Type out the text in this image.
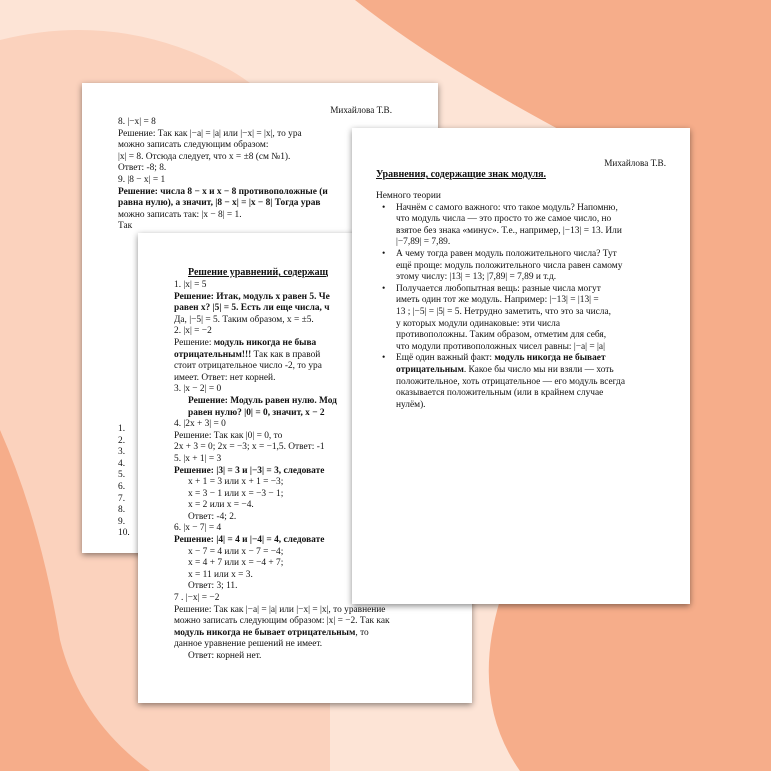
Михайлова Т.В.
8. |−x| = 8
Решение: Так как |−a| = |a| или |−x| = |x|, то ура
можно записать следующим образом:
|x| = 8. Отсюда следует, что x = ±8 (см №1).
Ответ: -8; 8.
9. |8 − x| = 1
Решение: числа 8 − x и x − 8 противоположные (и
равна нулю), а значит, |8 − x| = |x − 8| Тогда урав
можно записать так: |x − 8| = 1.
Так
1.
2.
3.
4.
5.
6.
7.
8.
9.
10.
Решение уравнений, содержащ
1. |x| = 5
Решение: Итак, модуль x равен 5. Че
равен x? |5| = 5. Есть ли еще числа, ч
Да, |−5| = 5. Таким образом, x = ±5.
2. |x| = −2
Решение: модуль никогда не быва
отрицательным!!! Так как в правой
стоит отрицательное число -2, то ура
имеет. Ответ: нет корней.
3. |x − 2| = 0
Решение: Модуль равен нулю. Мод
равен нулю? |0| = 0, значит, x − 2
4. |2x + 3| = 0
Решение: Так как |0| = 0, то
2x + 3 = 0; 2x = −3; x = −1,5. Ответ: -1
5. |x + 1| = 3
Решение: |3| = 3 и |−3| = 3, следовате
x + 1 = 3 или x + 1 = −3;
x = 3 − 1 или x = −3 − 1;
x = 2 или x = −4.
Ответ: -4; 2.
6. |x − 7| = 4
Решение: |4| = 4 и |−4| = 4, следовате
x − 7 = 4 или x − 7 = −4;
x = 4 + 7 или x = −4 + 7;
x = 11 или x = 3.
Ответ: 3; 11.
7 . |−x| = −2
Решение: Так как |−a| = |a| или |−x| = |x|, то уравнение
можно записать следующим образом: |x| = −2. Так как
модуль никогда не бывает отрицательным, то
данное уравнение решений не имеет.
Ответ: корней нет.
Михайлова Т.В.
Уравнения, содержащие знак модуля.
Немного теории
• Начнём с самого важного: что такое модуль? Напомню,
что модуль числа — это просто то же самое число, но
взятое без знака «минус». Т.е., например, |−13| = 13. Или
|−7,89| = 7,89.
• А чему тогда равен модуль положительного числа? Тут
ещё проще: модуль положительного числа равен самому
этому числу: |13| = 13; |7,89| = 7,89 и т.д.
• Получается любопытная вещь: разные числа могут
иметь один тот же модуль. Например: |−13| = |13| =
13 ; |−5| = |5| = 5. Нетрудно заметить, что это за числа,
у которых модули одинаковые: эти числа
противоположны. Таким образом, отметим для себя,
что модули противоположных чисел равны: |−a| = |a|
• Ещё один важный факт: модуль никогда не бывает
отрицательным. Какое бы число мы ни взяли — хоть
положительное, хоть отрицательное — его модуль всегда
оказывается положительным (или в крайнем случае
нулём).
